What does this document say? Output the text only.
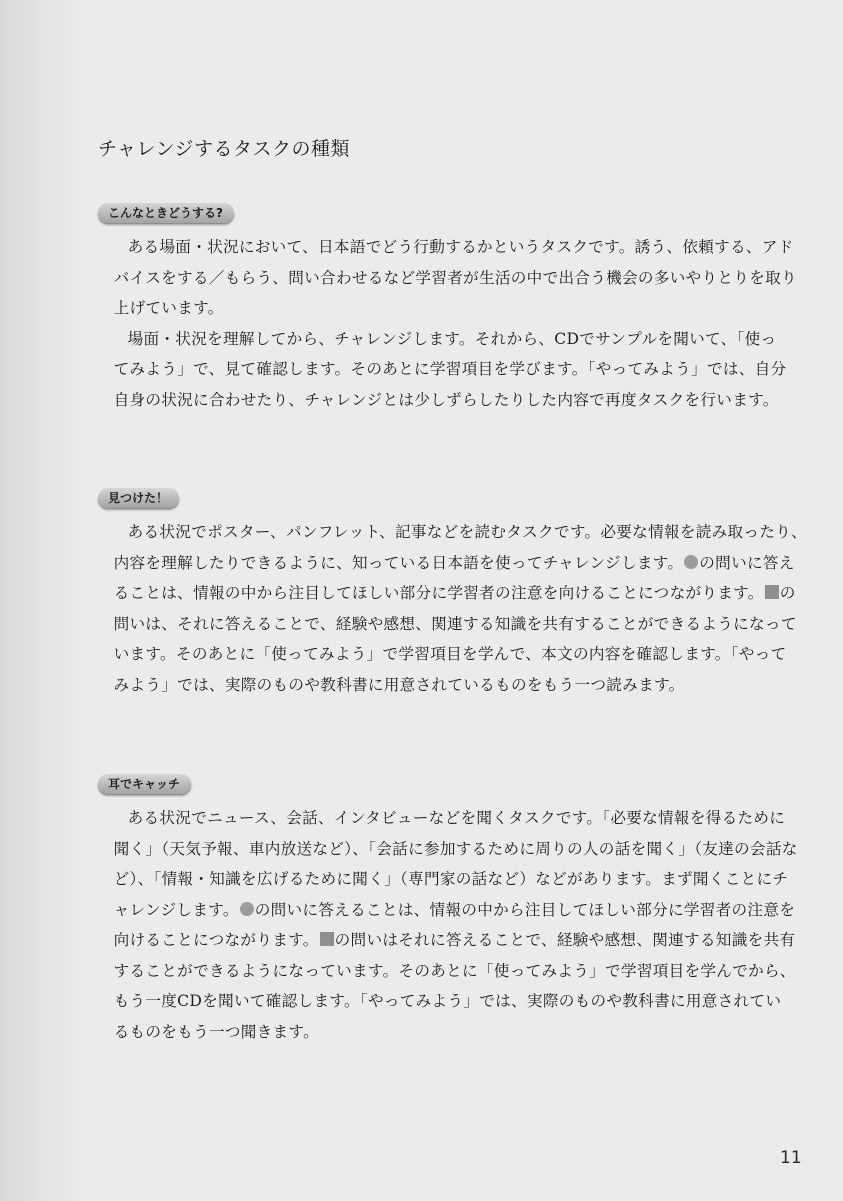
チャレンジするタスクの種類
こんなときどうする?
ある場面・状況において、日本語でどう行動するかというタスクです。誘う、依頼する、アド
バイスをする／もらう、問い合わせるなど学習者が生活の中で出合う機会の多いやりとりを取り
上げています。
場面・状況を理解してから、チャレンジします。それから、CDでサンプルを聞いて、「使っ
てみよう」で、見て確認します。そのあとに学習項目を学びます。「やってみよう」では、自分
自身の状況に合わせたり、チャレンジとは少しずらしたりした内容で再度タスクを行います。
見つけた！
ある状況でポスター、パンフレット、記事などを読むタスクです。必要な情報を読み取ったり、
内容を理解したりできるように、知っている日本語を使ってチャレンジします。 の問いに答え
ることは、情報の中から注目してほしい部分に学習者の注意を向けることにつながります。 の
問いは、それに答えることで、経験や感想、関連する知識を共有することができるようになって
います。そのあとに「使ってみよう」で学習項目を学んで、本文の内容を確認します。「やって
みよう」では、実際のものや教科書に用意されているものをもう一つ読みます。
耳でキャッチ
ある状況でニュース、会話、インタビューなどを聞くタスクです。「必要な情報を得るために
聞く」（天気予報、車内放送など）、「会話に参加するために周りの人の話を聞く」（友達の会話な
ど）、「情報・知識を広げるために聞く」（専門家の話など）などがあります。まず聞くことにチ
ャレンジします。 の問いに答えることは、情報の中から注目してほしい部分に学習者の注意を
向けることにつながります。 の問いはそれに答えることで、経験や感想、関連する知識を共有
することができるようになっています。そのあとに「使ってみよう」で学習項目を学んでから、
もう一度CDを聞いて確認します。「やってみよう」では、実際のものや教科書に用意されてい
るものをもう一つ聞きます。
11
